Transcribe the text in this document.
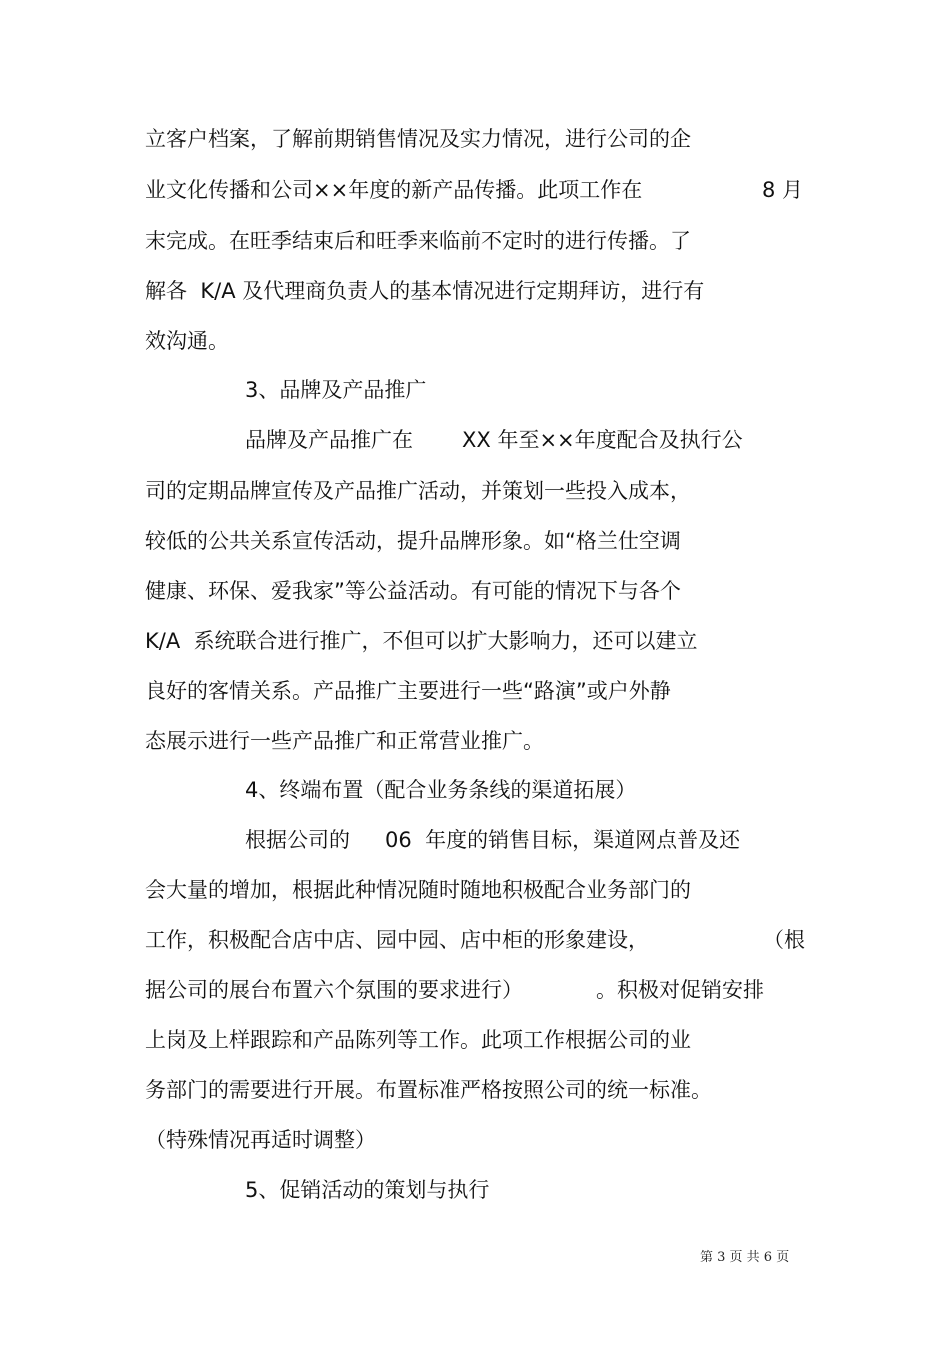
立客户档案，了解前期销售情况及实力情况，进行公司的企
业文化传播和公司××年度的新产品传播。此项工作在	8 月
末完成。在旺季结束后和旺季来临前不定时的进行传播。了
解各  K/A 及代理商负责人的基本情况进行定期拜访，进行有
效沟通。
3、品牌及产品推广
品牌及产品推广在 XX 年至××年度配合及执行公
司的定期品牌宣传及产品推广活动，并策划一些投入成本，
较低的公共关系宣传活动，提升品牌形象。如“格兰仕空调
健康、环保、爱我家”等公益活动。有可能的情况下与各个
K/A  系统联合进行推广，不但可以扩大影响力，还可以建立
良好的客情关系。产品推广主要进行一些“路演”或户外静
态展示进行一些产品推广和正常营业推广。
4、终端布置（配合业务条线的渠道拓展）
根据公司的 06  年度的销售目标，渠道网点普及还
会大量的增加，根据此种情况随时随地积极配合业务部门的
工作，积极配合店中店、园中园、店中柜的形象建设，	（根
据公司的展台布置六个氛围的要求进行）	。积极对促销安排
上岗及上样跟踪和产品陈列等工作。此项工作根据公司的业
务部门的需要进行开展。布置标准严格按照公司的统一标准。
（特殊情况再适时调整）
5、促销活动的策划与执行
第 3 页 共 6 页
